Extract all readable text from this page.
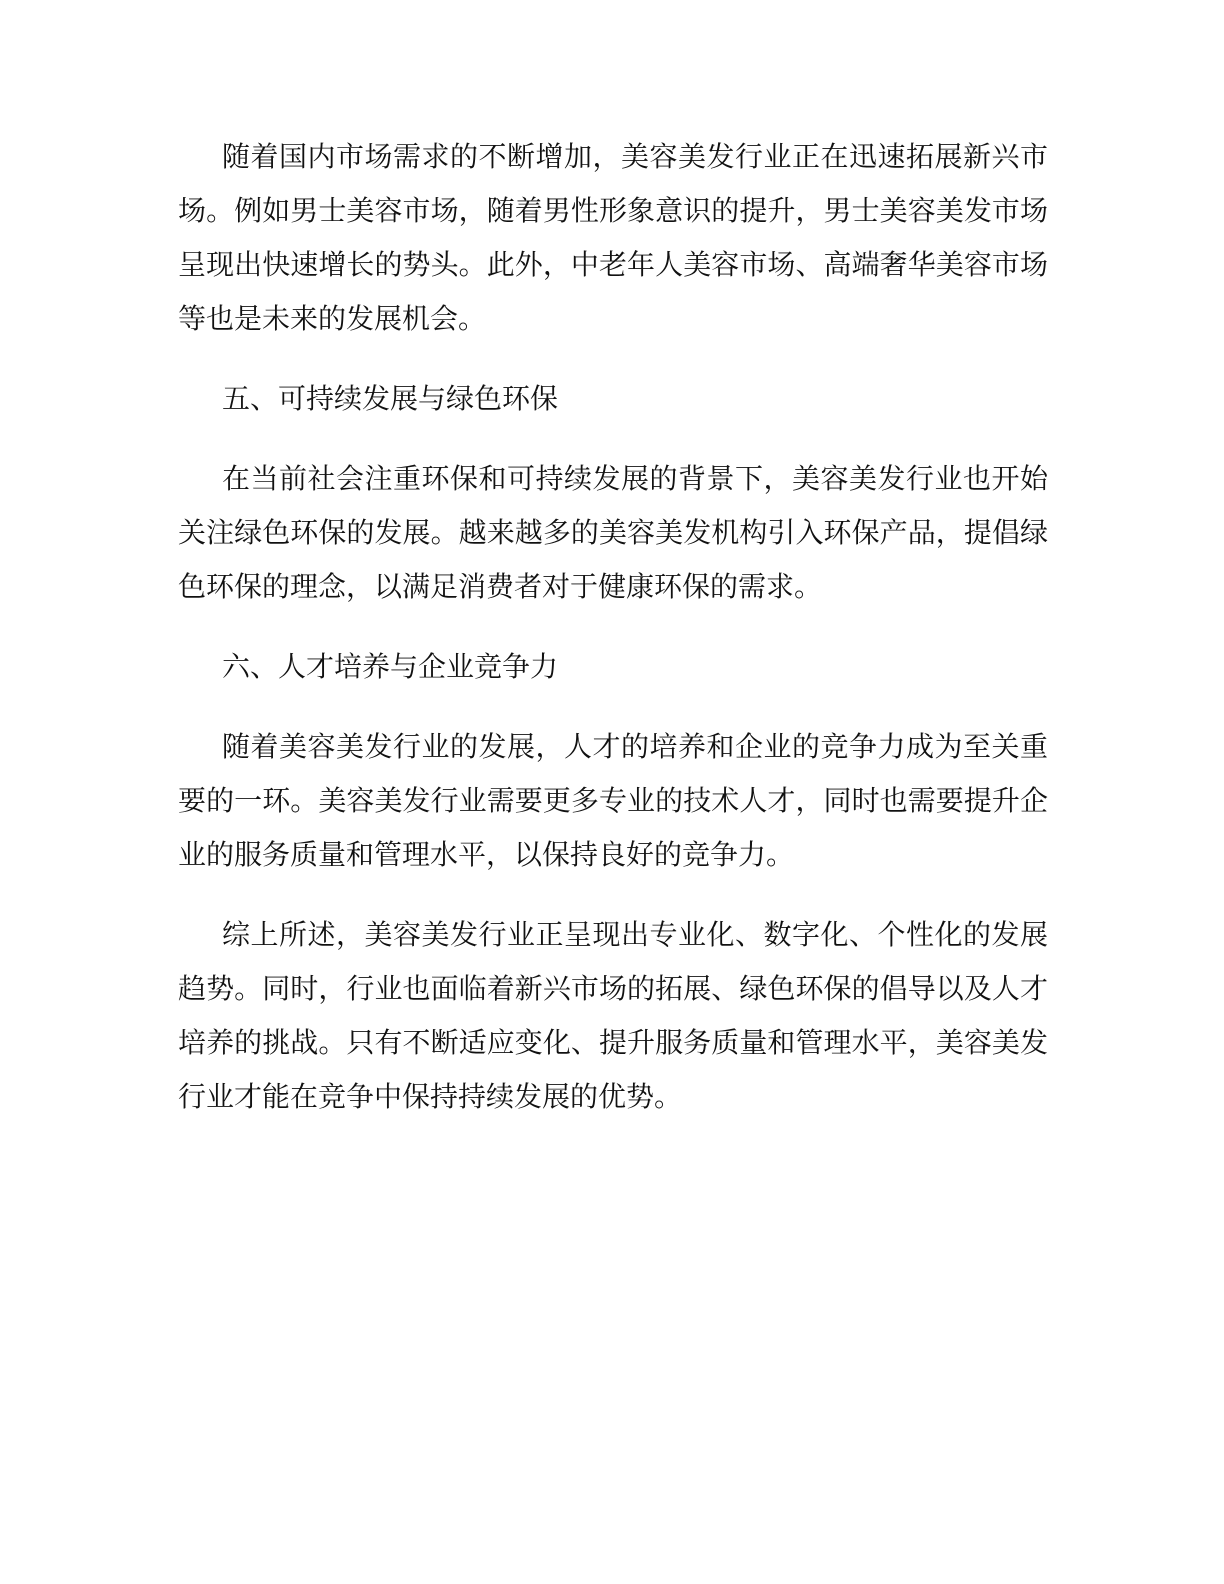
随着国内市场需求的不断增加，美容美发行业正在迅速拓展新兴市场。例如男士美容市场，随着男性形象意识的提升，男士美容美发市场呈现出快速增长的势头。此外，中老年人美容市场、高端奢华美容市场等也是未来的发展机会。

五、可持续发展与绿色环保

在当前社会注重环保和可持续发展的背景下，美容美发行业也开始关注绿色环保的发展。越来越多的美容美发机构引入环保产品，提倡绿色环保的理念，以满足消费者对于健康环保的需求。

六、人才培养与企业竞争力

随着美容美发行业的发展，人才的培养和企业的竞争力成为至关重要的一环。美容美发行业需要更多专业的技术人才，同时也需要提升企业的服务质量和管理水平，以保持良好的竞争力。

综上所述，美容美发行业正呈现出专业化、数字化、个性化的发展趋势。同时，行业也面临着新兴市场的拓展、绿色环保的倡导以及人才培养的挑战。只有不断适应变化、提升服务质量和管理水平，美容美发行业才能在竞争中保持持续发展的优势。
